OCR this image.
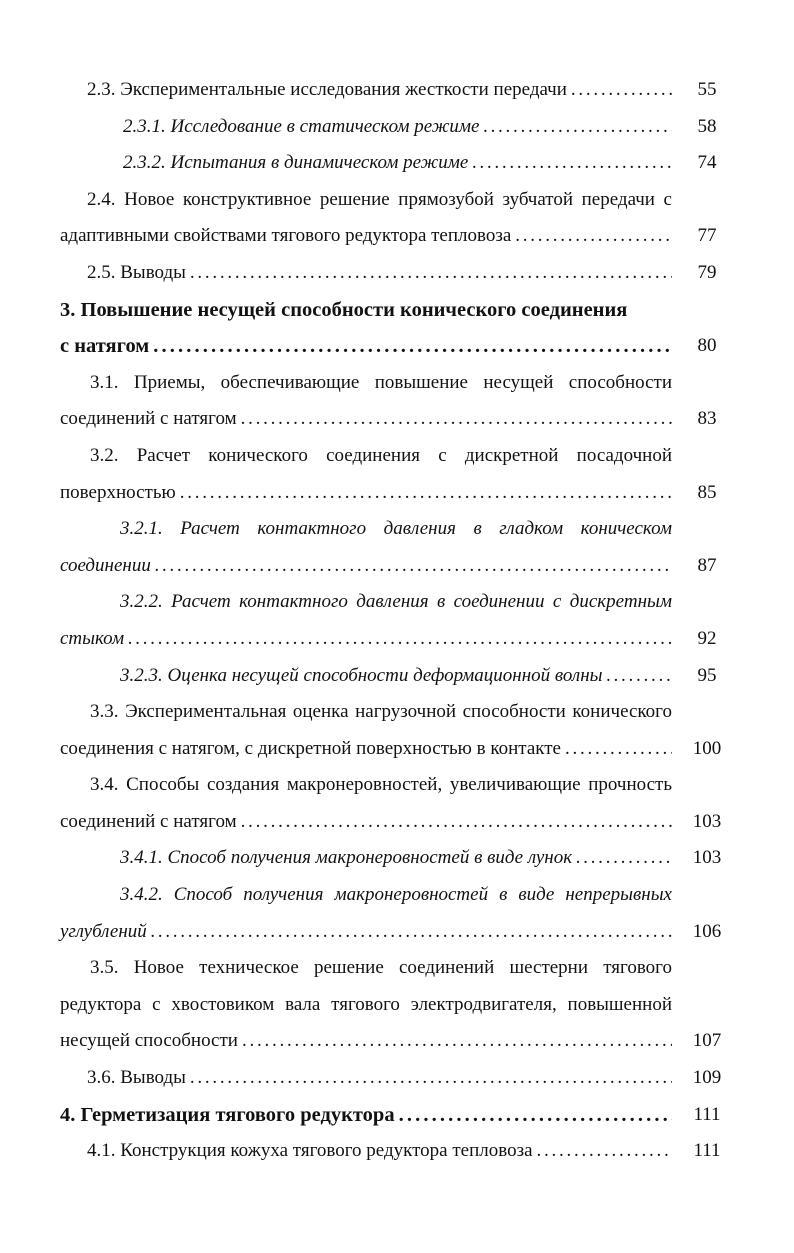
2.3. Экспериментальные исследования жесткости передачи . . .	55
2.3.1. Исследование в статическом режиме . . .	58
2.3.2. Испытания в динамическом режиме . . .	74
2.4. Новое конструктивное решение прямозубой зубчатой передачи с
адаптивными свойствами тягового редуктора тепловоза . . .	77
2.5. Выводы . . .	79
3. Повышение несущей способности конического соединения
с натягом . . .	80
3.1. Приемы, обеспечивающие повышение несущей способности
соединений с натягом . . .	83
3.2. Расчет конического соединения с дискретной посадочной
поверхностью . . .	85
3.2.1. Расчет контактного давления в гладком коническом
соединении . . .	87
3.2.2. Расчет контактного давления в соединении с дискретным
стыком . . .	92
3.2.3. Оценка несущей способности деформационной волны . . .	95
3.3. Экспериментальная оценка нагрузочной способности конического
соединения с натягом, с дискретной поверхностью в контакте . . .	100
3.4. Способы создания макронеровностей, увеличивающие прочность
соединений с натягом . . .	103
3.4.1. Способ получения макронеровностей в виде лунок . . .	103
3.4.2. Способ получения макронеровностей в виде непрерывных
углублений . . .	106
3.5. Новое техническое решение соединений шестерни тягового
редуктора с хвостовиком вала тягового электродвигателя, повышенной
несущей способности . . .	107
3.6. Выводы . . .	109
4. Герметизация тягового редуктора . . .	111
4.1. Конструкция кожуха тягового редуктора тепловоза . . .	111
